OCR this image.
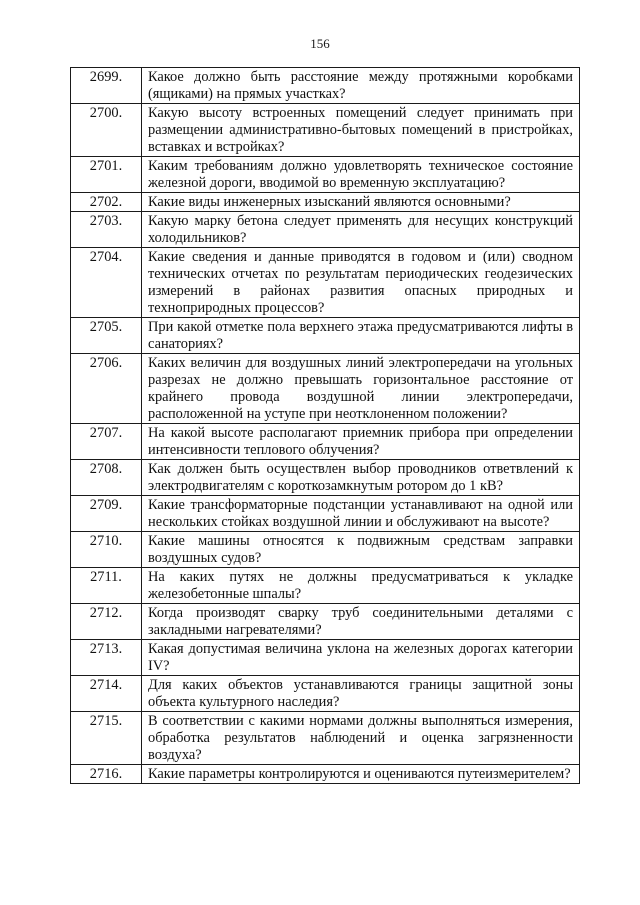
156
2699.	Какое должно быть расстояние между протяжными коробками (ящиками) на прямых участках?
2700.	Какую высоту встроенных помещений следует принимать при размещении административно-бытовых помещений в пристройках, вставках и встройках?
2701.	Каким требованиям должно удовлетворять техническое состояние железной дороги, вводимой во временную эксплуатацию?
2702.	Какие виды инженерных изысканий являются основными?
2703.	Какую марку бетона следует применять для несущих конструкций холодильников?
2704.	Какие сведения и данные приводятся в годовом и (или) сводном технических отчетах по результатам периодических геодезических измерений в районах развития опасных природных и техноприродных процессов?
2705.	При какой отметке пола верхнего этажа предусматриваются лифты в санаториях?
2706.	Каких величин для воздушных линий электропередачи на угольных разрезах не должно превышать горизонтальное расстояние от крайнего провода воздушной линии электропередачи, расположенной на уступе при неотклоненном положении?
2707.	На какой высоте располагают приемник прибора при определении интенсивности теплового облучения?
2708.	Как должен быть осуществлен выбор проводников ответвлений к электродвигателям с короткозамкнутым ротором до 1 кВ?
2709.	Какие трансформаторные подстанции устанавливают на одной или нескольких стойках воздушной линии и обслуживают на высоте?
2710.	Какие машины относятся к подвижным средствам заправки воздушных судов?
2711.	На каких путях не должны предусматриваться к укладке железобетонные шпалы?
2712.	Когда производят сварку труб соединительными деталями с закладными нагревателями?
2713.	Какая допустимая величина уклона на железных дорогах категории IV?
2714.	Для каких объектов устанавливаются границы защитной зоны объекта культурного наследия?
2715.	В соответствии с какими нормами должны выполняться измерения, обработка результатов наблюдений и оценка загрязненности воздуха?
2716.	Какие параметры контролируются и оцениваются путеизмерителем?
